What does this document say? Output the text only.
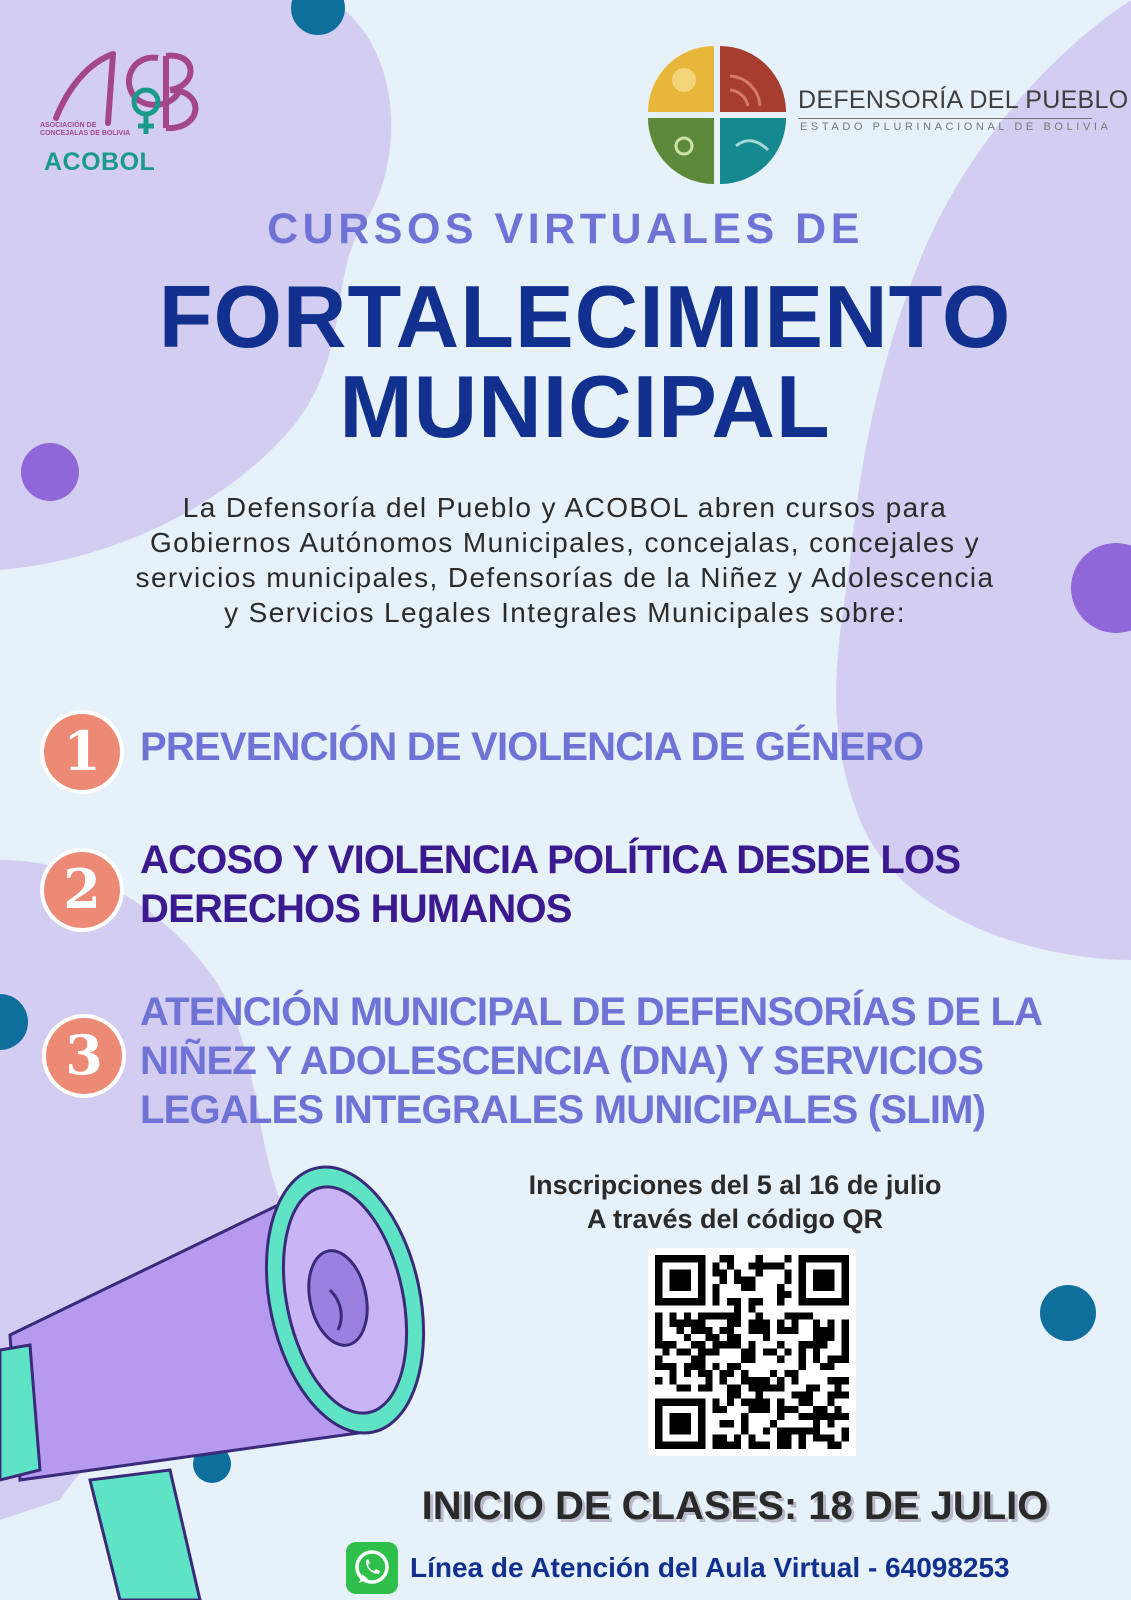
ASOCIACIÓN DE CONCEJALAS DE BOLIVIA
ACOBOL
DEFENSORÍA DEL PUEBLO
ESTADO PLURINACIONAL DE BOLIVIA
CURSOS VIRTUALES DE
FORTALECIMIENTO
MUNICIPAL
La Defensoría del Pueblo y ACOBOL abren cursos para
Gobiernos Autónomos Municipales, concejalas, concejales y
servicios municipales, Defensorías de la Niñez y Adolescencia
y Servicios Legales Integrales Municipales sobre:
1 PREVENCIÓN DE VIOLENCIA DE GÉNERO
2 ACOSO Y VIOLENCIA POLÍTICA DESDE LOS DERECHOS HUMANOS
3
ATENCIÓN MUNICIPAL DE DEFENSORÍAS DE LA NIÑEZ Y ADOLESCENCIA (DNA) Y SERVICIOS LEGALES INTEGRALES MUNICIPALES (SLIM)
Inscripciones del 5 al 16 de julio
A través del código QR
INICIO DE CLASES: 18 DE JULIO
Línea de Atención del Aula Virtual - 64098253
